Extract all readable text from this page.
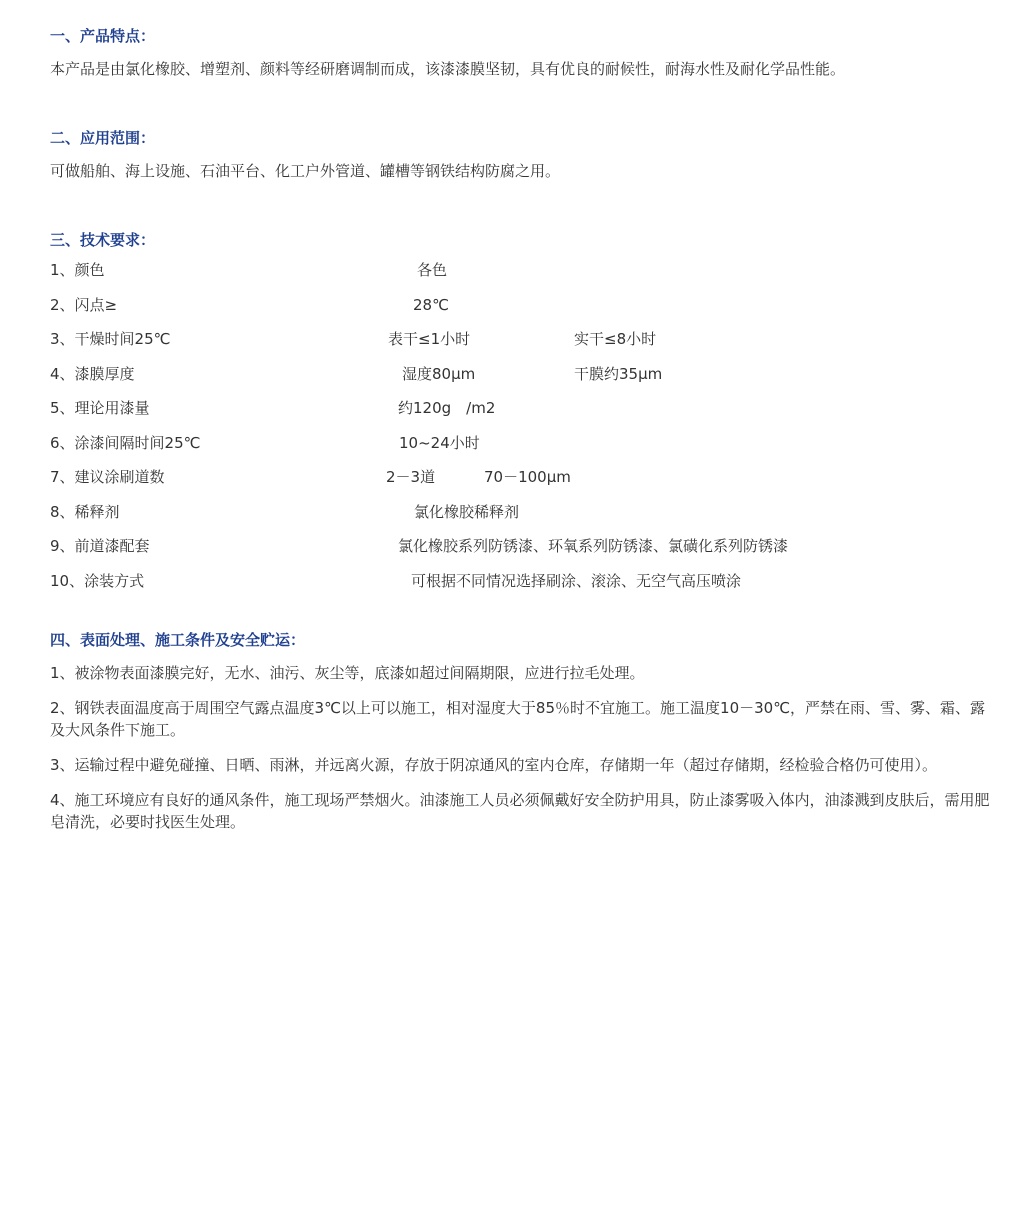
一、产品特点：
本产品是由氯化橡胶、增塑剂、颜料等经研磨调制而成，该漆漆膜坚韧，具有优良的耐候性，耐海水性及耐化学品性能。
二、应用范围：
可做船舶、海上设施、石油平台、化工户外管道、罐槽等钢铁结构防腐之用。
三、技术要求：
1、颜色	各色
2、闪点≥	28℃
3、干燥时间25℃	表干≤1小时	实干≤8小时
4、漆膜厚度	湿度80μm	干膜约35μm
5、理论用漆量	约120g　/m2
6、涂漆间隔时间25℃	10~24小时
7、建议涂刷道数	2－3道	70－100μm
8、稀释剂	氯化橡胶稀释剂
9、前道漆配套	氯化橡胶系列防锈漆、环氧系列防锈漆、氯磺化系列防锈漆
10、涂装方式	可根据不同情况选择刷涂、滚涂、无空气高压喷涂
四、表面处理、施工条件及安全贮运：
1、被涂物表面漆膜完好，无水、油污、灰尘等，底漆如超过间隔期限，应进行拉毛处理。
2、钢铁表面温度高于周围空气露点温度3℃以上可以施工，相对湿度大于85％时不宜施工。施工温度10－30℃，严禁在雨、雪、雾、霜、露及大风条件下施工。
3、运输过程中避免碰撞、日晒、雨淋，并远离火源，存放于阴凉通风的室内仓库，存储期一年（超过存储期，经检验合格仍可使用）。
4、施工环境应有良好的通风条件，施工现场严禁烟火。油漆施工人员必须佩戴好安全防护用具，防止漆雾吸入体内，油漆溅到皮肤后，需用肥皂清洗，必要时找医生处理。
